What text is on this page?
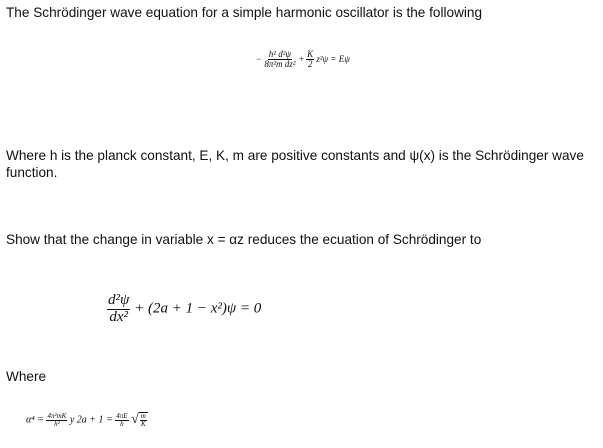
The Schrödinger wave equation for a simple harmonic oscillator is the following
− $\frac{\text{h² d²ψ}}{\text{8π²m dz²}} + \frac{K}{2} z^2\psi = E\psi$
Where h is the planck constant, E, K, m are positive constants and ψ(x) is the Schrödinger wave function.
Show that the change in variable x = αz reduces the ecuation of Schrödinger to
$\frac{\text{d²ψ}}{\text{dx²}} + (2a + 1 - x^2)\psi = 0$
Where
$\alpha^4 = \frac{\text{4π²mK}}{\text{h²}}$ y $2a + 1 = \frac{4\pi E}{h}$
√ $\frac{m}{K}$
